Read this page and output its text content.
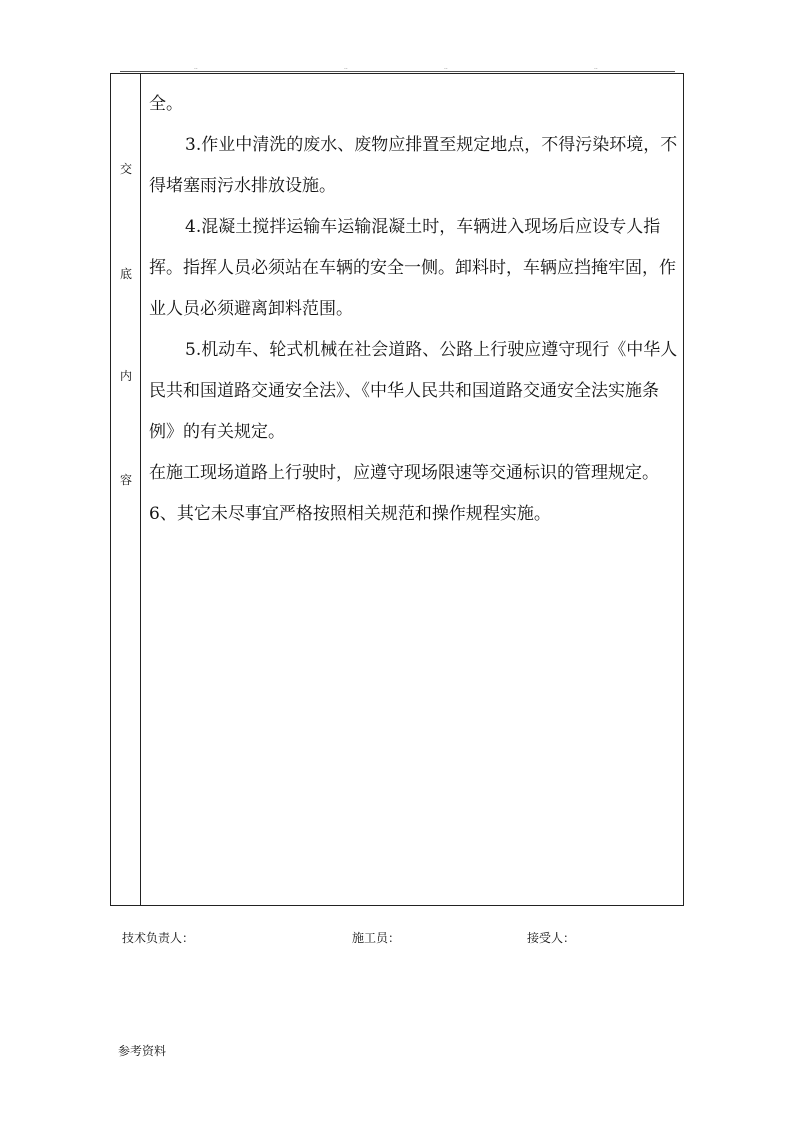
..	..	..	..
交
底
内
容

全。

3.作业中清洗的废水、废物应排置至规定地点，不得污染环境，不得堵塞雨污水排放设施。

4.混凝土搅拌运输车运输混凝土时，车辆进入现场后应设专人指挥。指挥人员必须站在车辆的安全一侧。卸料时，车辆应挡掩牢固，作业人员必须避离卸料范围。

5.机动车、轮式机械在社会道路、公路上行驶应遵守现行《中华人民共和国道路交通安全法》、《中华人民共和国道路交通安全法实施条例》的有关规定。

在施工现场道路上行驶时，应遵守现场限速等交通标识的管理规定。

6、其它未尽事宜严格按照相关规范和操作规程实施。

技术负责人：	施工员：	接受人：
参考资料
